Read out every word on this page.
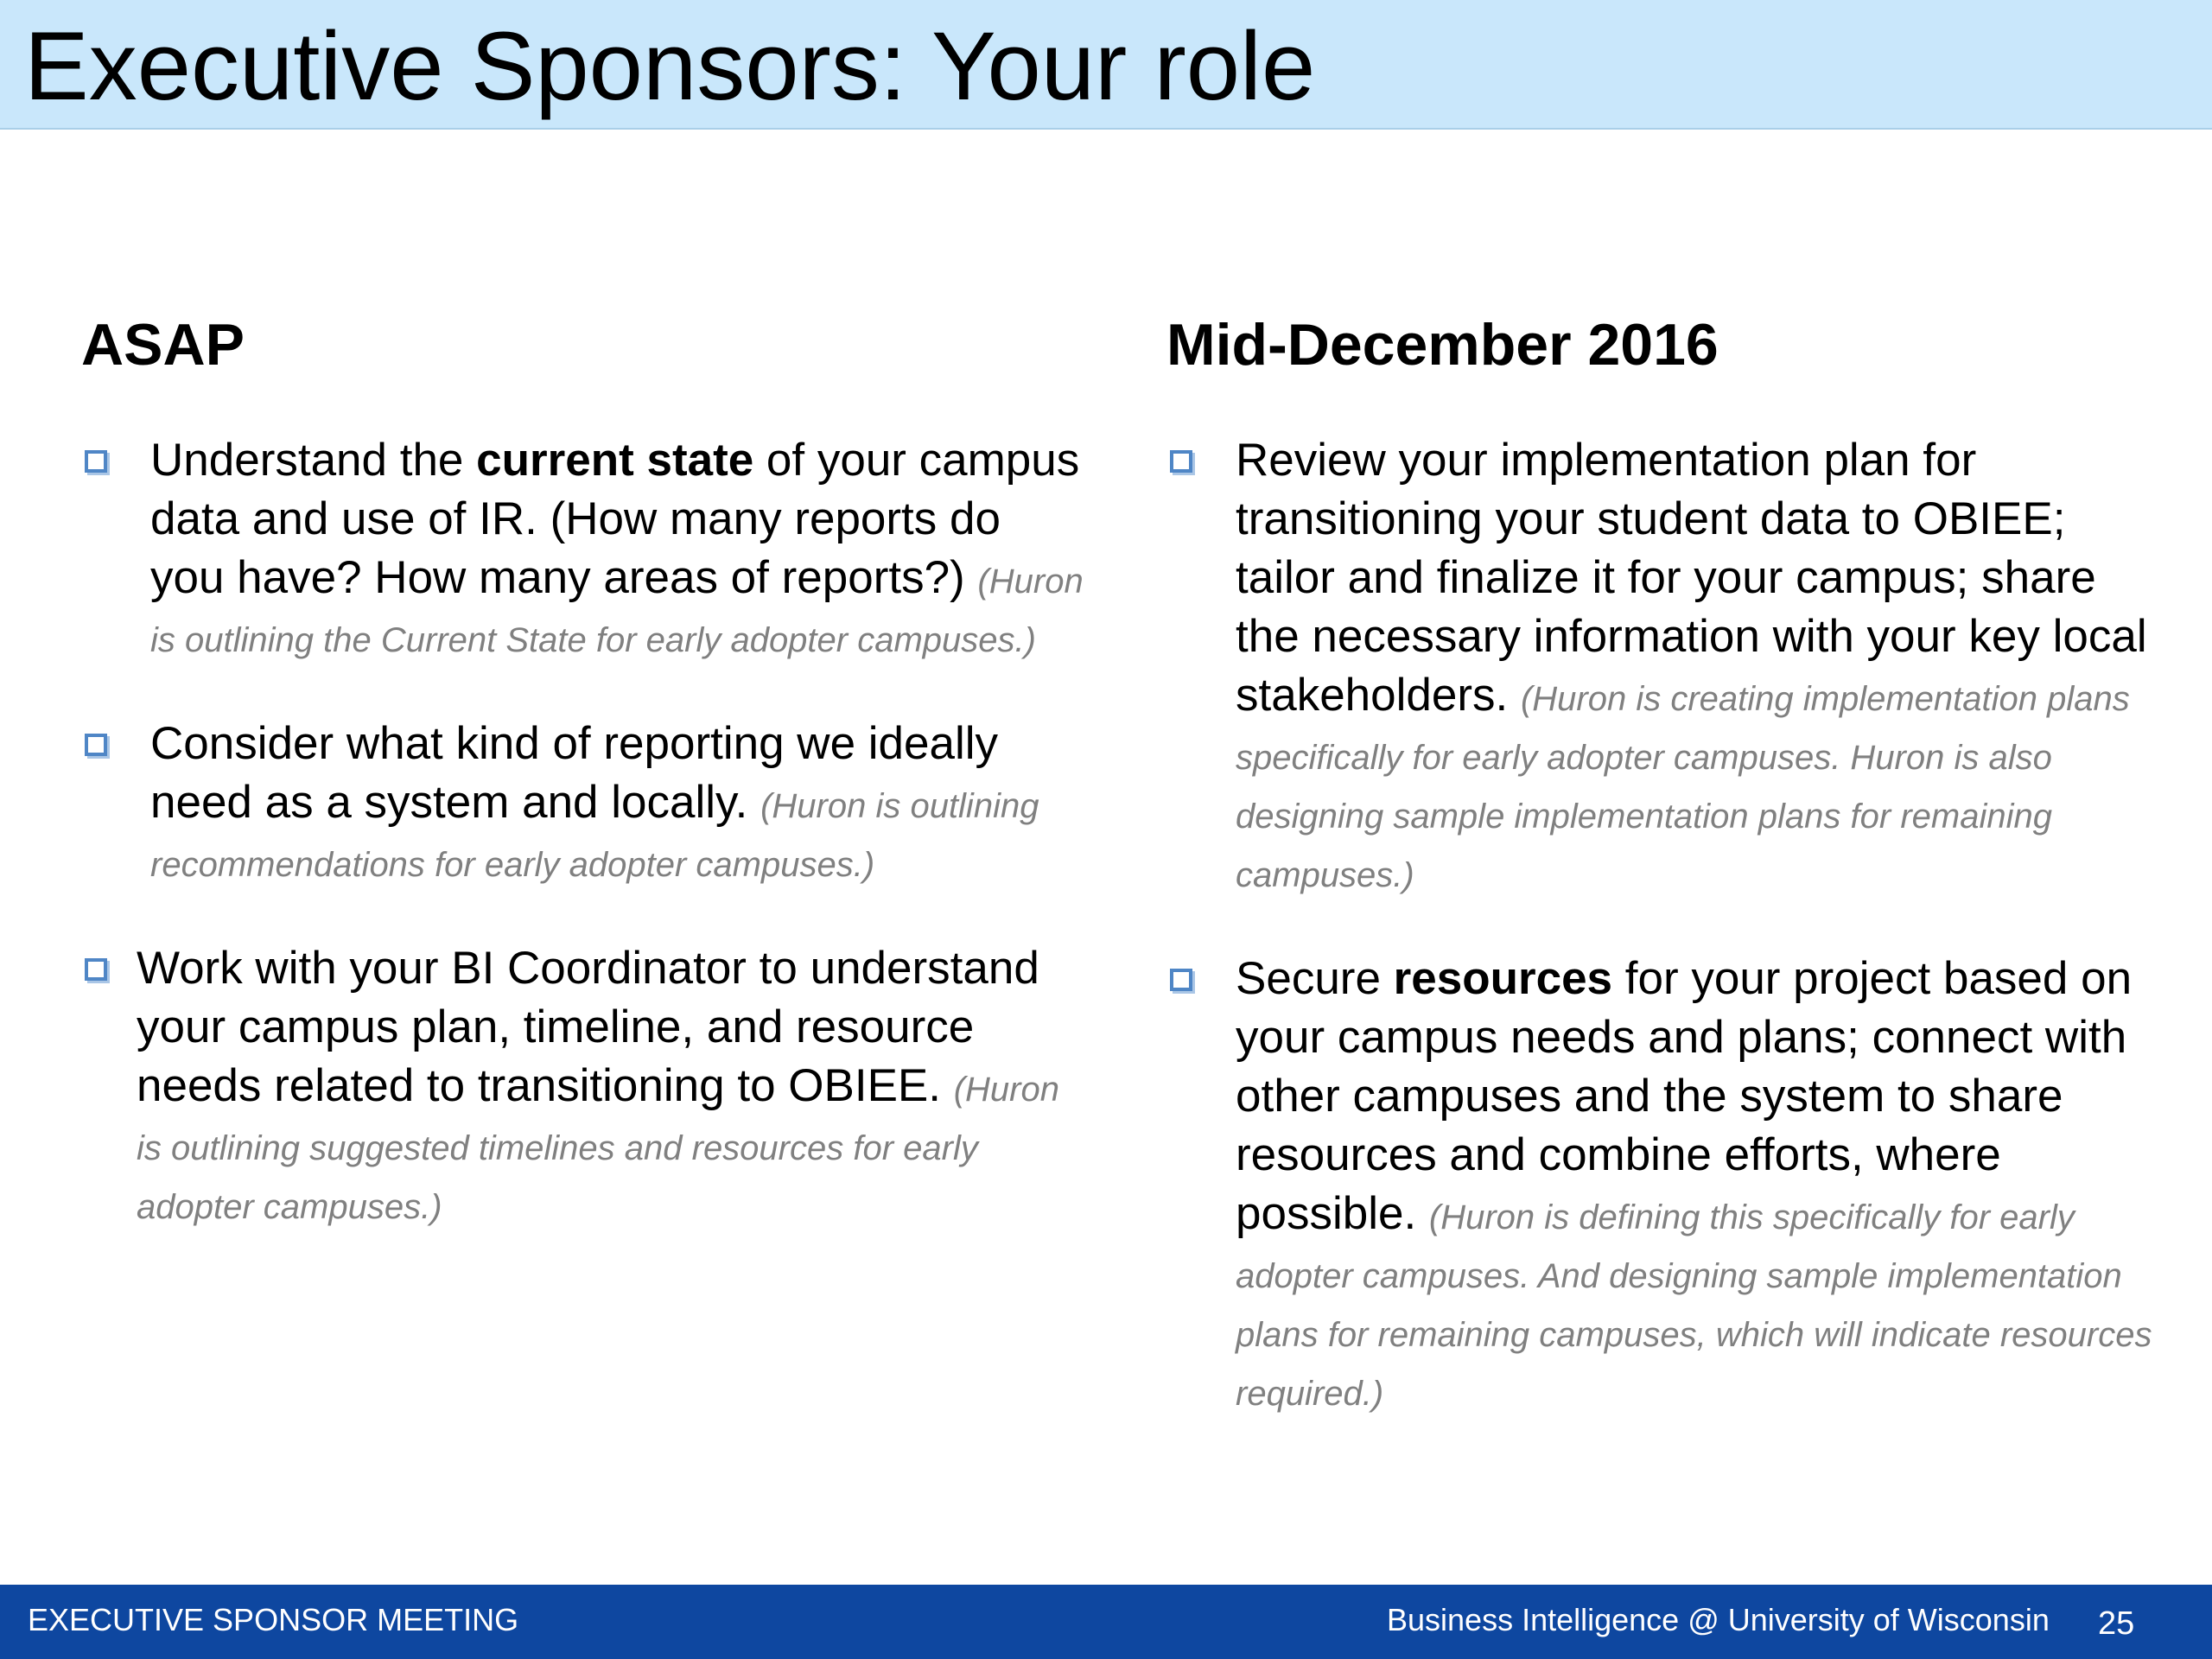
Executive Sponsors: Your role
ASAP
Understand the current state of your campus data and use of IR. (How many reports do you have? How many areas of reports?) (Huron is outlining the Current State for early adopter campuses.)
Consider what kind of reporting we ideally need as a system and locally. (Huron is outlining recommendations for early adopter campuses.)
Work with your BI Coordinator to understand your campus plan, timeline, and resource needs related to transitioning to OBIEE. (Huron is outlining suggested timelines and resources for early adopter campuses.)
Mid-December 2016
Review your implementation plan for transitioning your student data to OBIEE; tailor and finalize it for your campus; share the necessary information with your key local stakeholders. (Huron is creating implementation plans specifically for early adopter campuses. Huron is also designing sample implementation plans for remaining campuses.)
Secure resources for your project based on your campus needs and plans; connect with other campuses and the system to share resources and combine efforts, where possible. (Huron is defining this specifically for early adopter campuses. And designing sample implementation plans for remaining campuses, which will indicate resources required.)
EXECUTIVE SPONSOR MEETING	Business Intelligence @ University of Wisconsin 25
